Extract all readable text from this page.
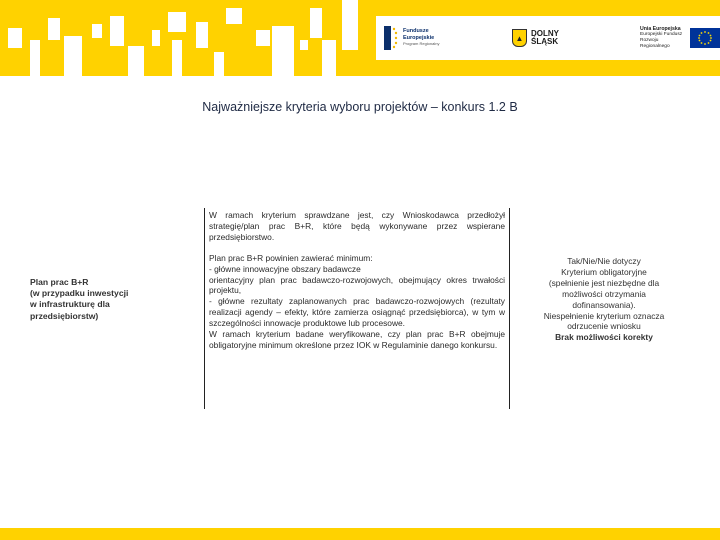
Fundusze
Europejskie
Program Regionalny
▲ DOLNY
ŚLĄSK
Unia Europejska
Europejski Fundusz
Rozwoju Regionalnego
Najważniejsze kryteria wyboru projektów – konkurs 1.2 B
Plan prac B+R
(w przypadku inwestycji
w infrastrukturę dla
przedsiębiorstw)
W ramach kryterium sprawdzane jest, czy Wnioskodawca przedłożył strategię/plan prac B+R, które będą wykonywane przez wspierane przedsiębiorstwo.
Plan prac B+R powinien zawierać minimum:
- główne innowacyjne obszary badawcze
orientacyjny plan prac badawczo-rozwojowych, obejmujący okres trwałości projektu,
- główne rezultaty zaplanowanych prac badawczo-rozwojowych (rezultaty realizacji agendy – efekty, które zamierza osiągnąć przedsiębiorca), w tym w szczególności innowacje produktowe lub procesowe.
W ramach kryterium badane weryfikowane, czy plan prac B+R obejmuje obligatoryjne minimum określone przez IOK w Regulaminie danego konkursu.
Tak/Nie/Nie dotyczy
Kryterium obligatoryjne
(spełnienie jest niezbędne dla
możliwości otrzymania
dofinansowania).
Niespełnienie kryterium oznacza
odrzucenie wniosku
Brak możliwości korekty
